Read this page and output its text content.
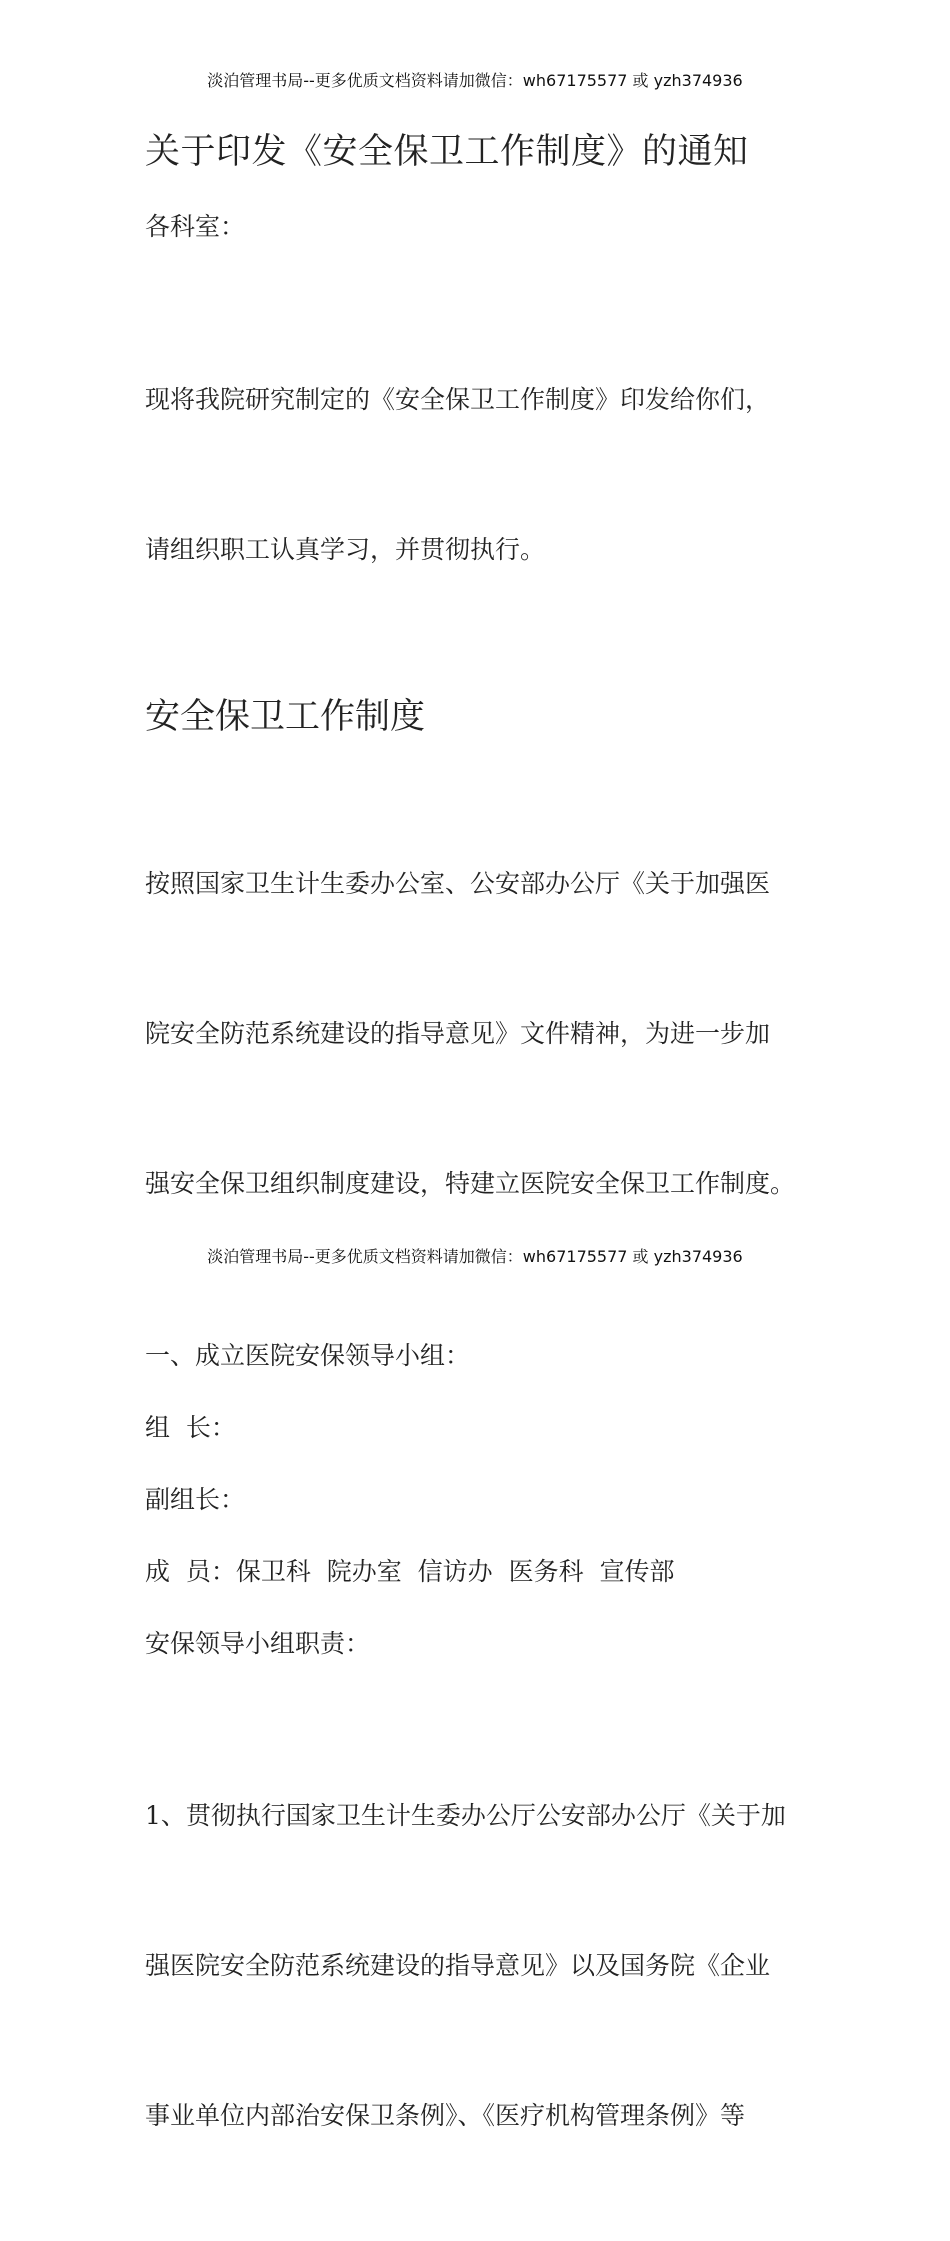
淡泊管理书局--更多优质文档资料请加微信：wh67175577 或 yzh374936
关于印发《安全保卫工作制度》的通知

各科室：

现将我院研究制定的《安全保卫工作制度》印发给你们，

请组织职工认真学习，并贯彻执行。

安全保卫工作制度

按照国家卫生计生委办公室、公安部办公厅《关于加强医

院安全防范系统建设的指导意见》文件精神，为进一步加

强安全保卫组织制度建设，特建立医院安全保卫工作制度。

一、成立医院安保领导小组：

组  长：

副组长：

成  员：保卫科  院办室  信访办  医务科  宣传部

安保领导小组职责：

1、贯彻执行国家卫生计生委办公厅公安部办公厅《关于加

强医院安全防范系统建设的指导意见》以及国务院《企业

事业单位内部治安保卫条例》、《医疗机构管理条例》等

淡泊管理书局--更多优质文档资料请加微信：wh67175577 或 yzh374936
